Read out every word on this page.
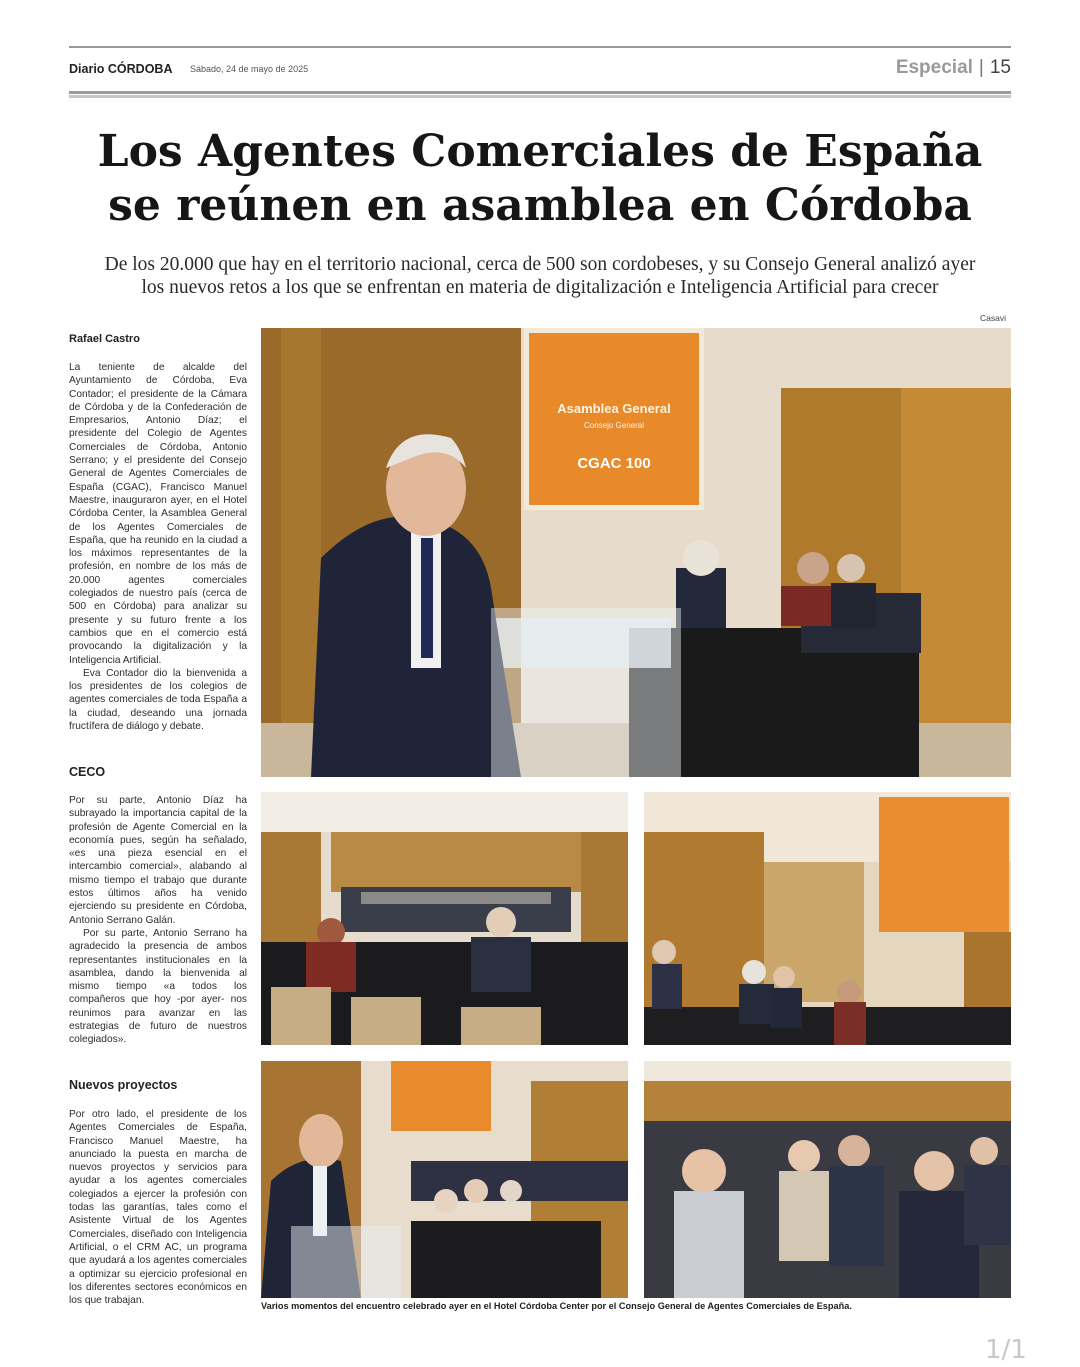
Diario CÓRDOBA Sábado, 24 de mayo de 2025	Especial | 15
Los Agentes Comerciales de España
se reúnen en asamblea en Córdoba
De los 20.000 que hay en el territorio nacional, cerca de 500 son cordobeses, y su Consejo General analizó ayer
los nuevos retos a los que se enfrentan en materia de digitalización e Inteligencia Artificial para crecer
Casavi
Rafael Castro

La teniente de alcalde del Ayuntamiento de Córdoba, Eva Contador; el presidente de la Cámara de Córdoba y de la Confederación de Empresarios, Antonio Díaz; el presidente del Colegio de Agentes Comerciales de Córdoba, Antonio Serrano; y el presidente del Consejo General de Agentes Comerciales de España (CGAC), Francisco Manuel Maestre, inauguraron ayer, en el Hotel Córdoba Center, la Asamblea General de los Agentes Comerciales de España, que ha reunido en la ciudad a los máximos representantes de la profesión, en nombre de los más de 20.000 agentes comerciales colegiados de nuestro país (cerca de 500 en Córdoba) para analizar su presente y su futuro frente a los cambios que en el comercio está provocando la digitalización y la Inteligencia Artificial.

Eva Contador dio la bienvenida a los presidentes de los colegios de agentes comerciales de toda España a la ciudad, deseando una jornada fructífera de diálogo y debate.

CECO

Por su parte, Antonio Díaz ha subrayado la importancia capital de la profesión de Agente Comercial en la economía pues, según ha señalado, «es una pieza esencial en el intercambio comercial», alabando al mismo tiempo el trabajo que durante estos últimos años ha venido ejerciendo su presidente en Córdoba, Antonio Serrano Galán.

Por su parte, Antonio Serrano ha agradecido la presencia de ambos representantes institucionales en la asamblea, dando la bienvenida al mismo tiempo «a todos los compañeros que hoy -por ayer- nos reunimos para avanzar en las estrategias de futuro de nuestros colegiados».

Nuevos proyectos

Por otro lado, el presidente de los Agentes Comerciales de España, Francisco Manuel Maestre, ha anunciado la puesta en marcha de nuevos proyectos y servicios para ayudar a los agentes comerciales colegiados a ejercer la profesión con todas las garantías, tales como el Asistente Virtual de los Agentes Comerciales, diseñado con Inteligencia Artificial, o el CRM AC, un programa que ayudará a los agentes comerciales a optimizar su ejercicio profesional en los diferentes sectores económicos en los que trabajan.

Asamblea General
Consejo General
CGAC 100
Varios momentos del encuentro celebrado ayer en el Hotel Córdoba Center por el Consejo General de Agentes Comerciales de España.
1/1
